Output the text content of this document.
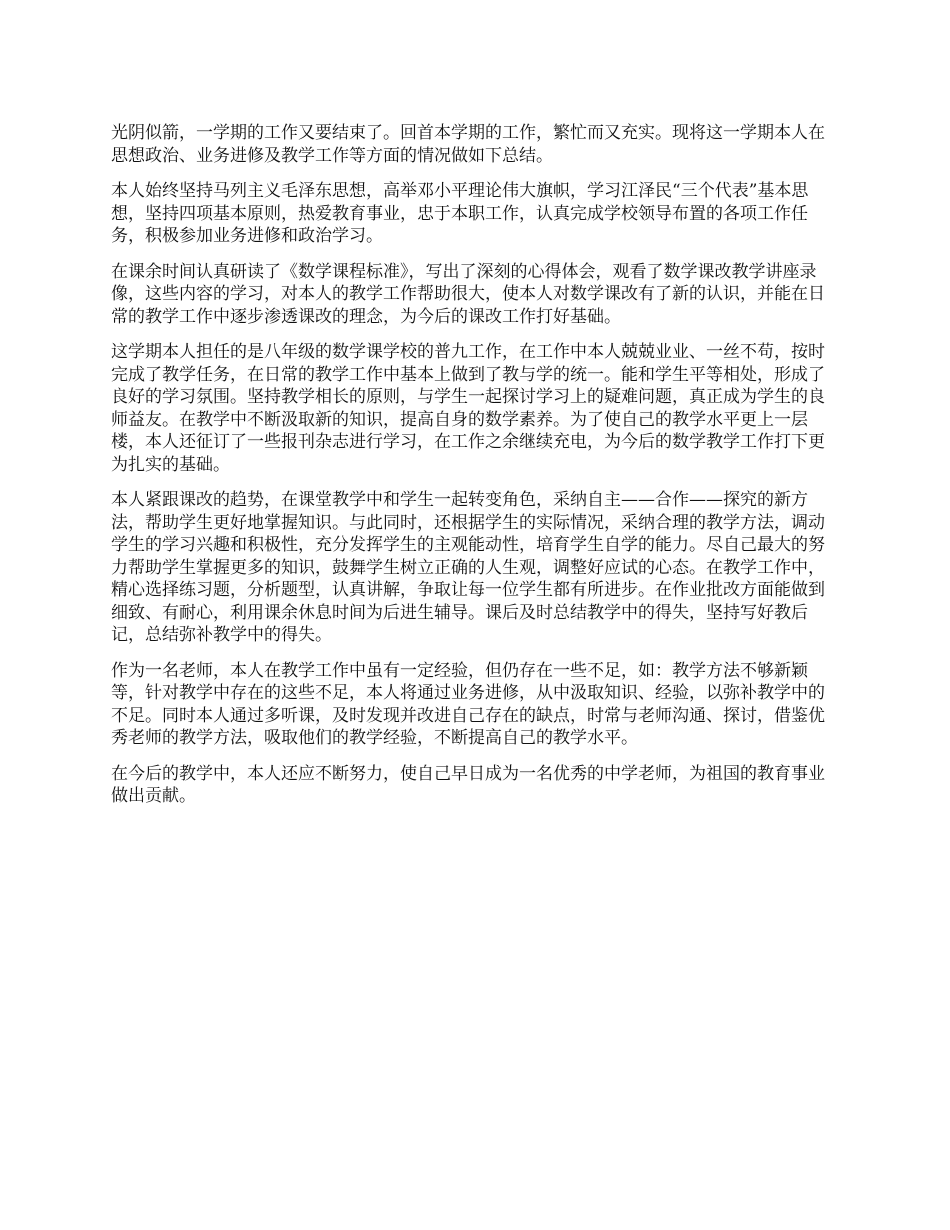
光阴似箭，一学期的工作又要结束了。回首本学期的工作，繁忙而又充实。现将这一学期本人在思想政治、业务进修及教学工作等方面的情况做如下总结。

本人始终坚持马列主义毛泽东思想，高举邓小平理论伟大旗帜，学习江泽民“三个代表”基本思想，坚持四项基本原则，热爱教育事业，忠于本职工作，认真完成学校领导布置的各项工作任务，积极参加业务进修和政治学习。

在课余时间认真研读了《数学课程标准》，写出了深刻的心得体会，观看了数学课改教学讲座录像，这些内容的学习，对本人的教学工作帮助很大，使本人对数学课改有了新的认识，并能在日常的教学工作中逐步渗透课改的理念，为今后的课改工作打好基础。

这学期本人担任的是八年级的数学课学校的普九工作，在工作中本人兢兢业业、一丝不苟，按时完成了教学任务，在日常的教学工作中基本上做到了教与学的统一。能和学生平等相处，形成了良好的学习氛围。坚持教学相长的原则，与学生一起探讨学习上的疑难问题，真正成为学生的良师益友。在教学中不断汲取新的知识，提高自身的数学素养。为了使自己的教学水平更上一层楼，本人还征订了一些报刊杂志进行学习，在工作之余继续充电，为今后的数学教学工作打下更为扎实的基础。

本人紧跟课改的趋势，在课堂教学中和学生一起转变角色，采纳自主——合作——探究的新方法，帮助学生更好地掌握知识。与此同时，还根据学生的实际情况，采纳合理的教学方法，调动学生的学习兴趣和积极性，充分发挥学生的主观能动性，培育学生自学的能力。尽自己最大的努力帮助学生掌握更多的知识，鼓舞学生树立正确的人生观，调整好应试的心态。在教学工作中，精心选择练习题，分析题型，认真讲解，争取让每一位学生都有所进步。在作业批改方面能做到细致、有耐心，利用课余休息时间为后进生辅导。课后及时总结教学中的得失，坚持写好教后记，总结弥补教学中的得失。

作为一名老师，本人在教学工作中虽有一定经验，但仍存在一些不足，如：教学方法不够新颖等，针对教学中存在的这些不足，本人将通过业务进修，从中汲取知识、经验，以弥补教学中的不足。同时本人通过多听课，及时发现并改进自己存在的缺点，时常与老师沟通、探讨，借鉴优秀老师的教学方法，吸取他们的教学经验，不断提高自己的教学水平。

在今后的教学中，本人还应不断努力，使自己早日成为一名优秀的中学老师，为祖国的教育事业做出贡献。
